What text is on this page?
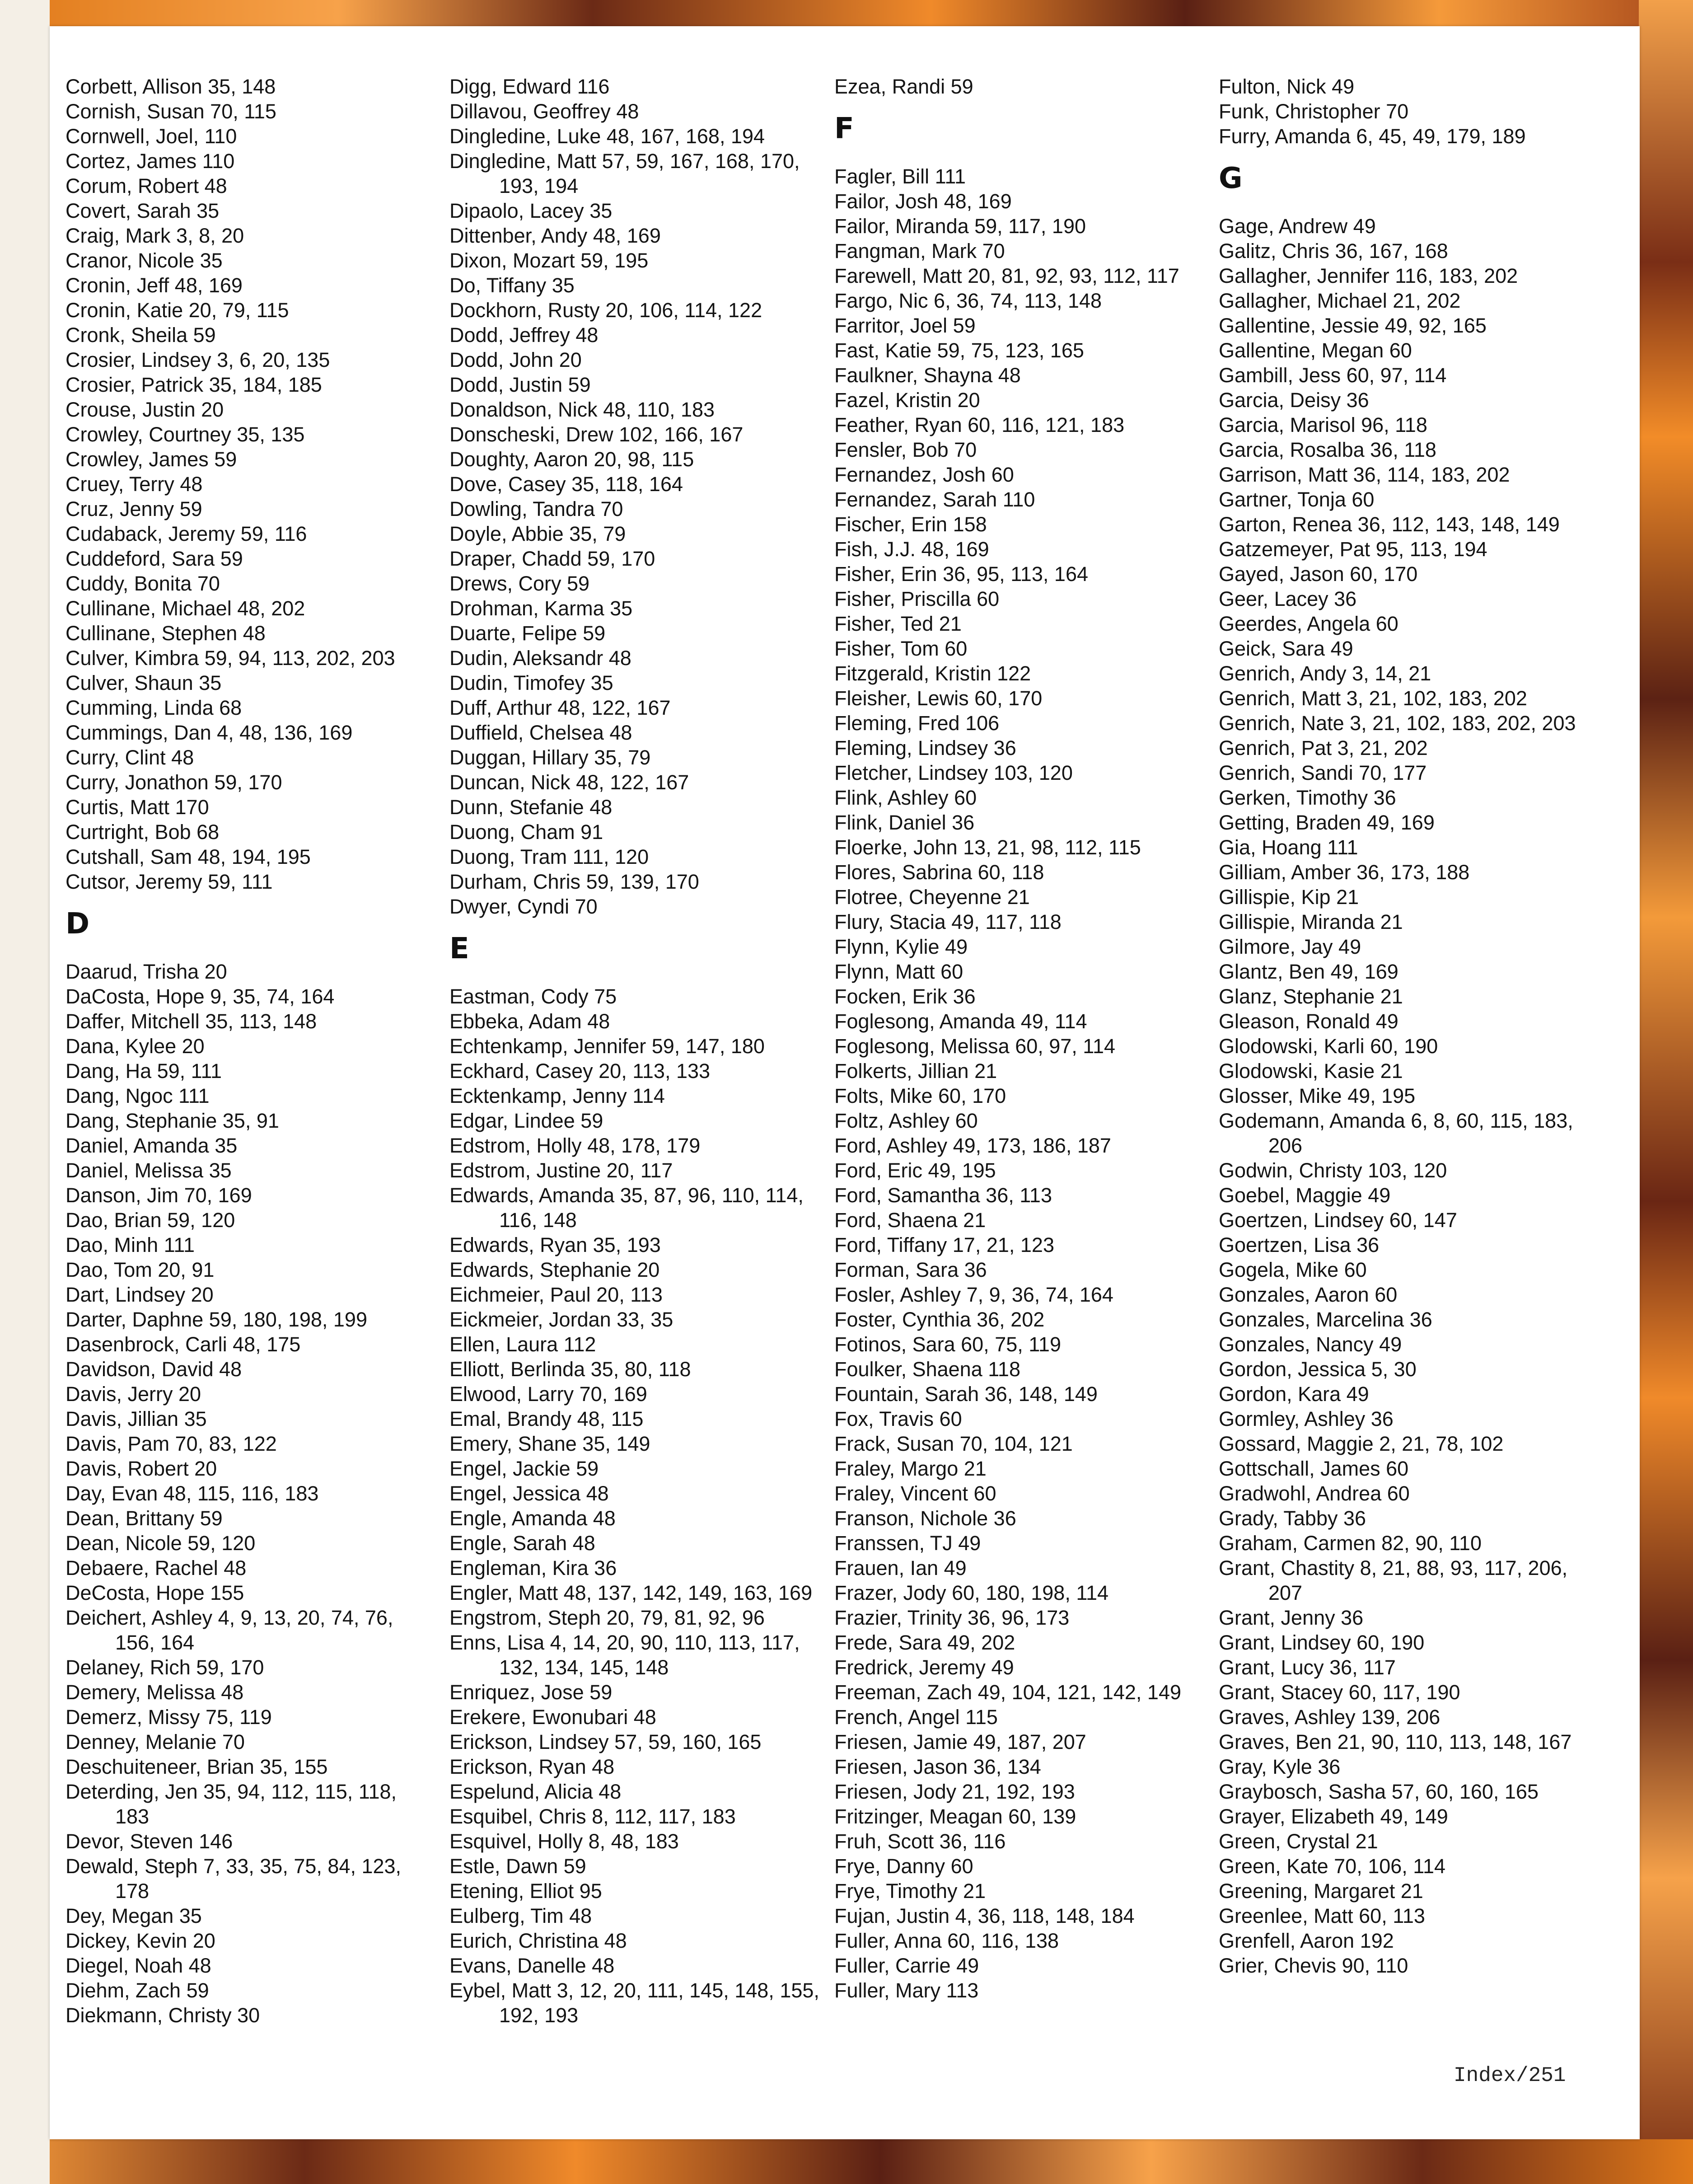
Corbett, Allison 35, 148
Cornish, Susan 70, 115
Cornwell, Joel, 110
Cortez, James 110
Corum, Robert 48
Covert, Sarah 35
Craig, Mark 3, 8, 20
Cranor, Nicole 35
Cronin, Jeff 48, 169
Cronin, Katie 20, 79, 115
Cronk, Sheila 59
Crosier, Lindsey 3, 6, 20, 135
Crosier, Patrick 35, 184, 185
Crouse, Justin 20
Crowley, Courtney 35, 135
Crowley, James 59
Cruey, Terry 48
Cruz, Jenny 59
Cudaback, Jeremy 59, 116
Cuddeford, Sara 59
Cuddy, Bonita 70
Cullinane, Michael 48, 202
Cullinane, Stephen 48
Culver, Kimbra 59, 94, 113, 202, 203
Culver, Shaun 35
Cumming, Linda 68
Cummings, Dan 4, 48, 136, 169
Curry, Clint 48
Curry, Jonathon 59, 170
Curtis, Matt 170
Curtright, Bob 68
Cutshall, Sam 48, 194, 195
Cutsor, Jeremy 59, 111
D
Daarud, Trisha 20
DaCosta, Hope 9, 35, 74, 164
Daffer, Mitchell 35, 113, 148
Dana, Kylee 20
Dang, Ha 59, 111
Dang, Ngoc 111
Dang, Stephanie 35, 91
Daniel, Amanda 35
Daniel, Melissa 35
Danson, Jim 70, 169
Dao, Brian 59, 120
Dao, Minh 111
Dao, Tom 20, 91
Dart, Lindsey 20
Darter, Daphne 59, 180, 198, 199
Dasenbrock, Carli 48, 175
Davidson, David 48
Davis, Jerry 20
Davis, Jillian 35
Davis, Pam 70, 83, 122
Davis, Robert 20
Day, Evan 48, 115, 116, 183
Dean, Brittany 59
Dean, Nicole 59, 120
Debaere, Rachel 48
DeCosta, Hope 155
Deichert, Ashley 4, 9, 13, 20, 74, 76, 156, 164
Delaney, Rich 59, 170
Demery, Melissa 48
Demerz, Missy 75, 119
Denney, Melanie 70
Deschuiteneer, Brian 35, 155
Deterding, Jen 35, 94, 112, 115, 118, 183
Devor, Steven 146
Dewald, Steph 7, 33, 35, 75, 84, 123, 178
Dey, Megan 35
Dickey, Kevin 20
Diegel, Noah 48
Diehm, Zach 59
Diekmann, Christy 30
Digg, Edward 116
Dillavou, Geoffrey 48
Dingledine, Luke 48, 167, 168, 194
Dingledine, Matt 57, 59, 167, 168, 170, 193, 194
Dipaolo, Lacey 35
Dittenber, Andy 48, 169
Dixon, Mozart 59, 195
Do, Tiffany 35
Dockhorn, Rusty 20, 106, 114, 122
Dodd, Jeffrey 48
Dodd, John 20
Dodd, Justin 59
Donaldson, Nick 48, 110, 183
Donscheski, Drew 102, 166, 167
Doughty, Aaron 20, 98, 115
Dove, Casey 35, 118, 164
Dowling, Tandra 70
Doyle, Abbie 35, 79
Draper, Chadd 59, 170
Drews, Cory 59
Drohman, Karma 35
Duarte, Felipe 59
Dudin, Aleksandr 48
Dudin, Timofey 35
Duff, Arthur 48, 122, 167
Duffield, Chelsea 48
Duggan, Hillary 35, 79
Duncan, Nick 48, 122, 167
Dunn, Stefanie 48
Duong, Cham 91
Duong, Tram 111, 120
Durham, Chris 59, 139, 170
Dwyer, Cyndi 70
E
Eastman, Cody 75
Ebbeka, Adam 48
Echtenkamp, Jennifer 59, 147, 180
Eckhard, Casey 20, 113, 133
Ecktenkamp, Jenny 114
Edgar, Lindee 59
Edstrom, Holly 48, 178, 179
Edstrom, Justine 20, 117
Edwards, Amanda 35, 87, 96, 110, 114, 116, 148
Edwards, Ryan 35, 193
Edwards, Stephanie 20
Eichmeier, Paul 20, 113
Eickmeier, Jordan 33, 35
Ellen, Laura 112
Elliott, Berlinda 35, 80, 118
Elwood, Larry 70, 169
Emal, Brandy 48, 115
Emery, Shane 35, 149
Engel, Jackie 59
Engel, Jessica 48
Engle, Amanda 48
Engle, Sarah 48
Engleman, Kira 36
Engler, Matt 48, 137, 142, 149, 163, 169
Engstrom, Steph 20, 79, 81, 92, 96
Enns, Lisa 4, 14, 20, 90, 110, 113, 117, 132, 134, 145, 148
Enriquez, Jose 59
Erekere, Ewonubari 48
Erickson, Lindsey 57, 59, 160, 165
Erickson, Ryan 48
Espelund, Alicia 48
Esquibel, Chris 8, 112, 117, 183
Esquivel, Holly 8, 48, 183
Estle, Dawn 59
Etening, Elliot 95
Eulberg, Tim 48
Eurich, Christina 48
Evans, Danelle 48
Eybel, Matt 3, 12, 20, 111, 145, 148, 155, 192, 193
Ezea, Randi 59
F
Fagler, Bill 111
Failor, Josh 48, 169
Failor, Miranda 59, 117, 190
Fangman, Mark 70
Farewell, Matt 20, 81, 92, 93, 112, 117
Fargo, Nic 6, 36, 74, 113, 148
Farritor, Joel 59
Fast, Katie 59, 75, 123, 165
Faulkner, Shayna 48
Fazel, Kristin 20
Feather, Ryan 60, 116, 121, 183
Fensler, Bob 70
Fernandez, Josh 60
Fernandez, Sarah 110
Fischer, Erin 158
Fish, J.J. 48, 169
Fisher, Erin 36, 95, 113, 164
Fisher, Priscilla 60
Fisher, Ted 21
Fisher, Tom 60
Fitzgerald, Kristin 122
Fleisher, Lewis 60, 170
Fleming, Fred 106
Fleming, Lindsey 36
Fletcher, Lindsey 103, 120
Flink, Ashley 60
Flink, Daniel 36
Floerke, John 13, 21, 98, 112, 115
Flores, Sabrina 60, 118
Flotree, Cheyenne 21
Flury, Stacia 49, 117, 118
Flynn, Kylie 49
Flynn, Matt 60
Focken, Erik 36
Foglesong, Amanda 49, 114
Foglesong, Melissa 60, 97, 114
Folkerts, Jillian 21
Folts, Mike 60, 170
Foltz, Ashley 60
Ford, Ashley 49, 173, 186, 187
Ford, Eric 49, 195
Ford, Samantha 36, 113
Ford, Shaena 21
Ford, Tiffany 17, 21, 123
Forman, Sara 36
Fosler, Ashley 7, 9, 36, 74, 164
Foster, Cynthia 36, 202
Fotinos, Sara 60, 75, 119
Foulker, Shaena 118
Fountain, Sarah 36, 148, 149
Fox, Travis 60
Frack, Susan 70, 104, 121
Fraley, Margo 21
Fraley, Vincent 60
Franson, Nichole 36
Franssen, TJ 49
Frauen, Ian 49
Frazer, Jody 60, 180, 198, 114
Frazier, Trinity 36, 96, 173
Frede, Sara 49, 202
Fredrick, Jeremy 49
Freeman, Zach 49, 104, 121, 142, 149
French, Angel 115
Friesen, Jamie 49, 187, 207
Friesen, Jason 36, 134
Friesen, Jody 21, 192, 193
Fritzinger, Meagan 60, 139
Fruh, Scott 36, 116
Frye, Danny 60
Frye, Timothy 21
Fujan, Justin 4, 36, 118, 148, 184
Fuller, Anna 60, 116, 138
Fuller, Carrie 49
Fuller, Mary 113
Fulton, Nick 49
Funk, Christopher 70
Furry, Amanda 6, 45, 49, 179, 189
G
Gage, Andrew 49
Galitz, Chris 36, 167, 168
Gallagher, Jennifer 116, 183, 202
Gallagher, Michael 21, 202
Gallentine, Jessie 49, 92, 165
Gallentine, Megan 60
Gambill, Jess 60, 97, 114
Garcia, Deisy 36
Garcia, Marisol 96, 118
Garcia, Rosalba 36, 118
Garrison, Matt 36, 114, 183, 202
Gartner, Tonja 60
Garton, Renea 36, 112, 143, 148, 149
Gatzemeyer, Pat 95, 113, 194
Gayed, Jason 60, 170
Geer, Lacey 36
Geerdes, Angela 60
Geick, Sara 49
Genrich, Andy 3, 14, 21
Genrich, Matt 3, 21, 102, 183, 202
Genrich, Nate 3, 21, 102, 183, 202, 203
Genrich, Pat 3, 21, 202
Genrich, Sandi 70, 177
Gerken, Timothy 36
Getting, Braden 49, 169
Gia, Hoang 111
Gilliam, Amber 36, 173, 188
Gillispie, Kip 21
Gillispie, Miranda 21
Gilmore, Jay 49
Glantz, Ben 49, 169
Glanz, Stephanie 21
Gleason, Ronald 49
Glodowski, Karli 60, 190
Glodowski, Kasie 21
Glosser, Mike 49, 195
Godemann, Amanda 6, 8, 60, 115, 183, 206
Godwin, Christy 103, 120
Goebel, Maggie 49
Goertzen, Lindsey 60, 147
Goertzen, Lisa 36
Gogela, Mike 60
Gonzales, Aaron 60
Gonzales, Marcelina 36
Gonzales, Nancy 49
Gordon, Jessica 5, 30
Gordon, Kara 49
Gormley, Ashley 36
Gossard, Maggie 2, 21, 78, 102
Gottschall, James 60
Gradwohl, Andrea 60
Grady, Tabby 36
Graham, Carmen 82, 90, 110
Grant, Chastity 8, 21, 88, 93, 117, 206, 207
Grant, Jenny 36
Grant, Lindsey 60, 190
Grant, Lucy 36, 117
Grant, Stacey 60, 117, 190
Graves, Ashley 139, 206
Graves, Ben 21, 90, 110, 113, 148, 167
Gray, Kyle 36
Graybosch, Sasha 57, 60, 160, 165
Grayer, Elizabeth 49, 149
Green, Crystal 21
Green, Kate 70, 106, 114
Greening, Margaret 21
Greenlee, Matt 60, 113
Grenfell, Aaron 192
Grier, Chevis 90, 110
Index/251
